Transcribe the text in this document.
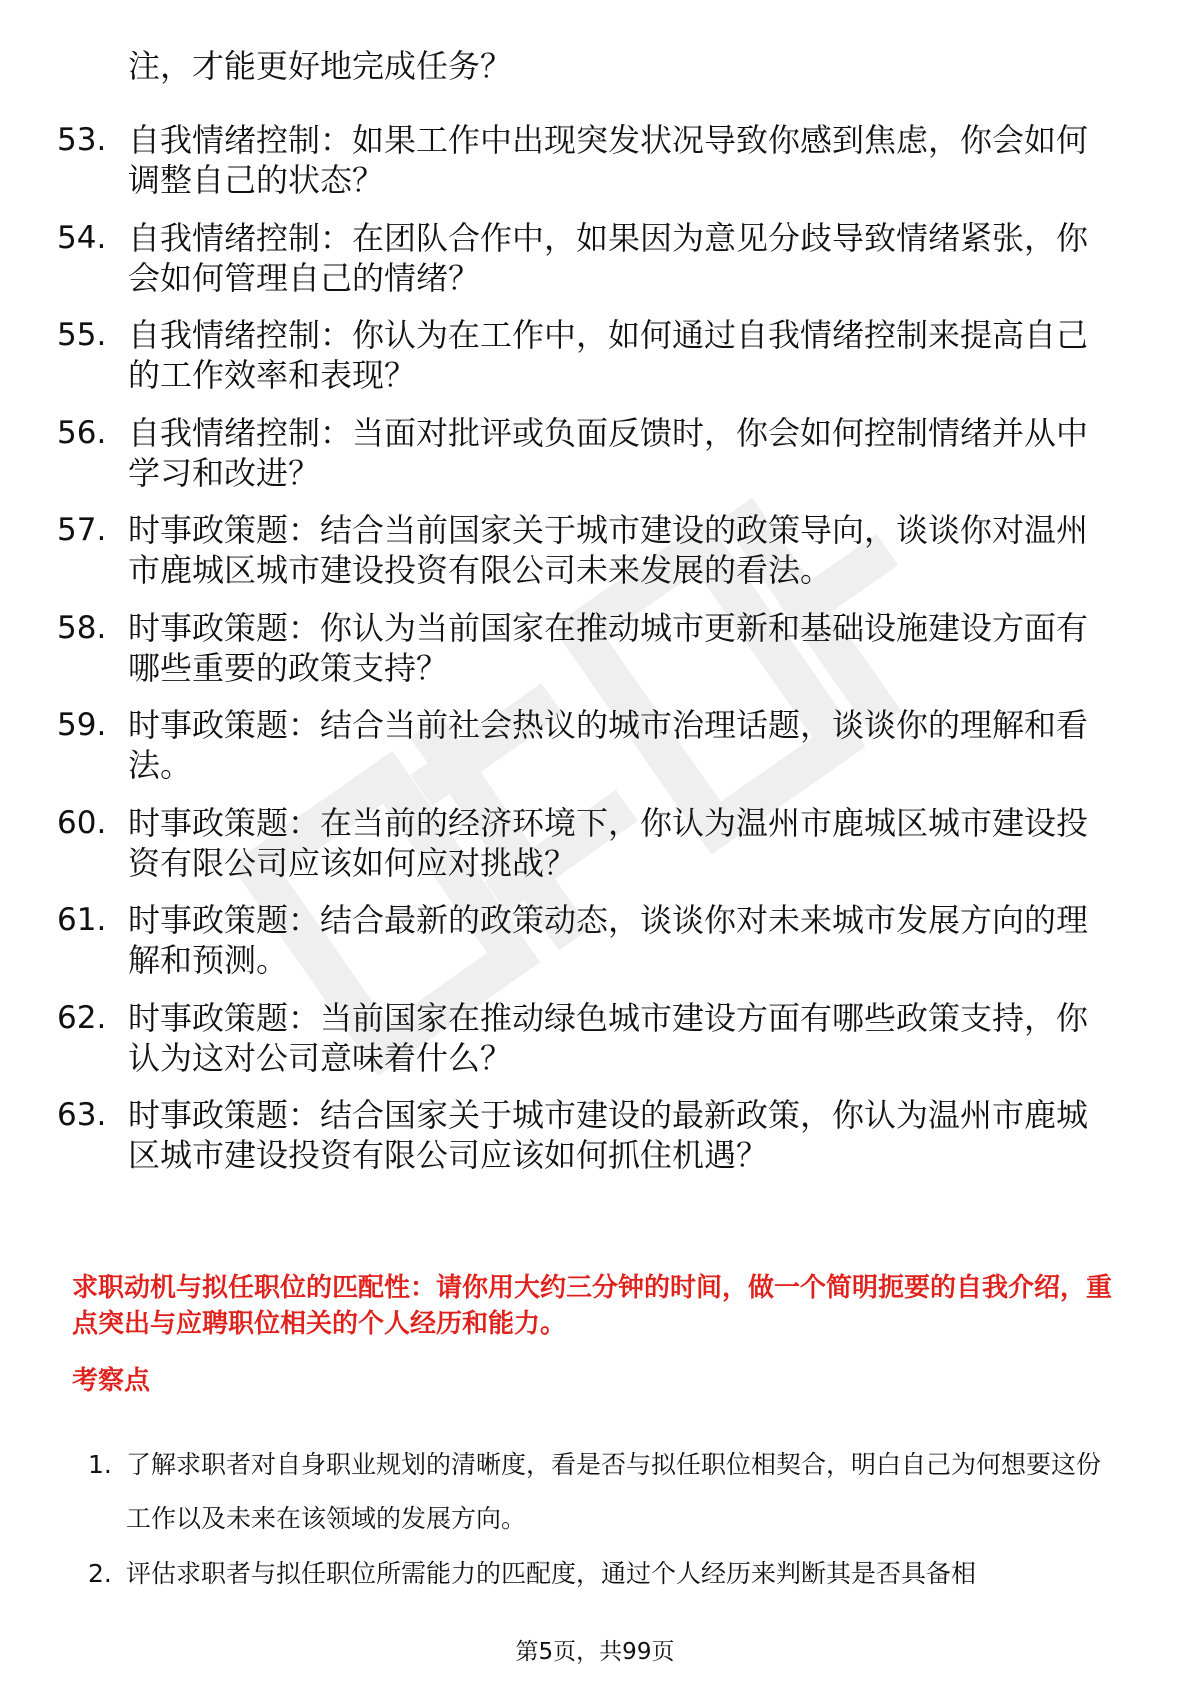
注，才能更好地完成任务？
53. 自我情绪控制：如果工作中出现突发状况导致你感到焦虑，你会如何调整自己的状态？
54. 自我情绪控制：在团队合作中，如果因为意见分歧导致情绪紧张，你会如何管理自己的情绪？
55. 自我情绪控制：你认为在工作中，如何通过自我情绪控制来提高自己的工作效率和表现？
56. 自我情绪控制：当面对批评或负面反馈时，你会如何控制情绪并从中学习和改进？
57. 时事政策题：结合当前国家关于城市建设的政策导向，谈谈你对温州市鹿城区城市建设投资有限公司未来发展的看法。
58. 时事政策题：你认为当前国家在推动城市更新和基础设施建设方面有哪些重要的政策支持？
59. 时事政策题：结合当前社会热议的城市治理话题，谈谈你的理解和看法。
60. 时事政策题：在当前的经济环境下，你认为温州市鹿城区城市建设投资有限公司应该如何应对挑战？
61. 时事政策题：结合最新的政策动态，谈谈你对未来城市发展方向的理解和预测。
62. 时事政策题：当前国家在推动绿色城市建设方面有哪些政策支持，你认为这对公司意味着什么？
63. 时事政策题：结合国家关于城市建设的最新政策，你认为温州市鹿城区城市建设投资有限公司应该如何抓住机遇？
求职动机与拟任职位的匹配性：请你用大约三分钟的时间，做一个简明扼要的自我介绍，重点突出与应聘职位相关的个人经历和能力。
考察点
1. 了解求职者对自身职业规划的清晰度，看是否与拟任职位相契合，明白自己为何想要这份工作以及未来在该领域的发展方向。
2. 评估求职者与拟任职位所需能力的匹配度，通过个人经历来判断其是否具备相
第5页，共99页
